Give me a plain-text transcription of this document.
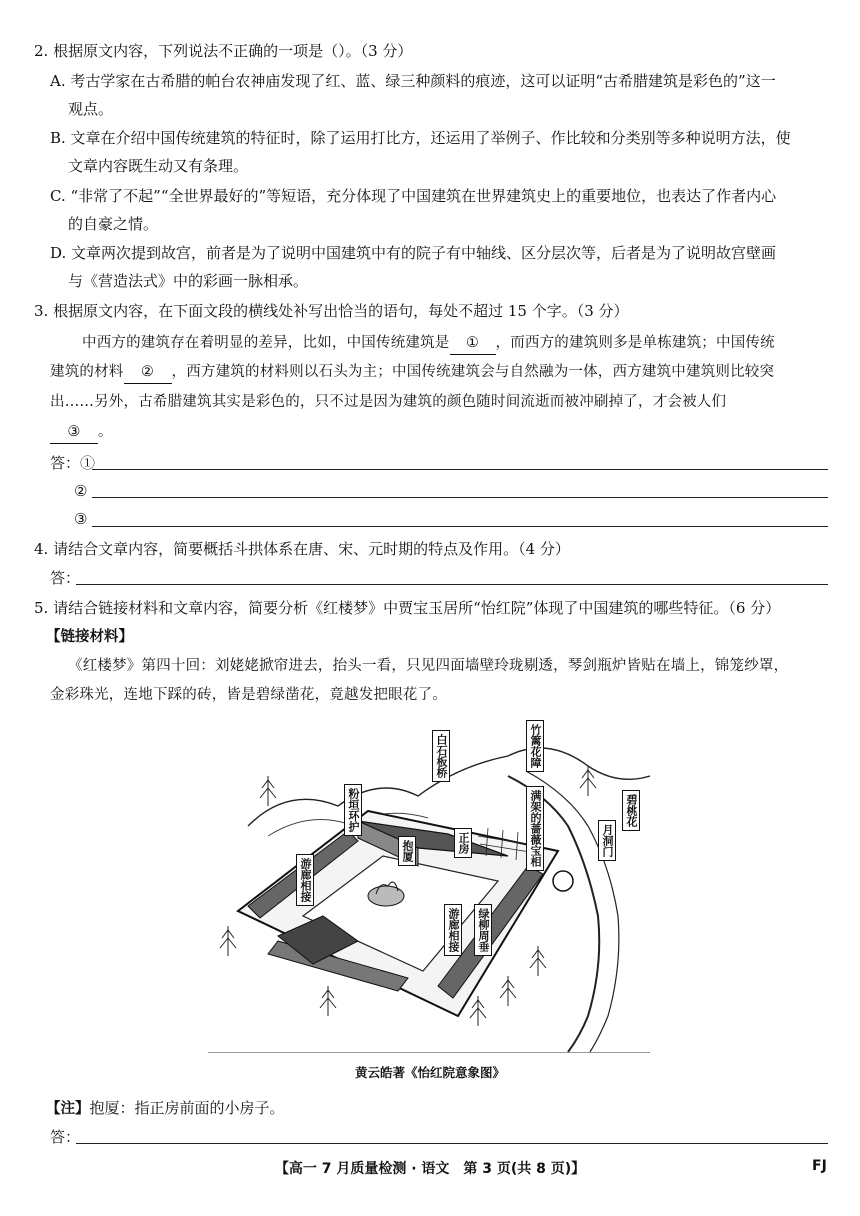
2. 根据原文内容，下列说法不正确的一项是（）。（3 分）
A. 考古学家在古希腊的帕台农神庙发现了红、蓝、绿三种颜料的痕迹，这可以证明“古希腊建筑是彩色的”这一
观点。
B. 文章在介绍中国传统建筑的特征时，除了运用打比方，还运用了举例子、作比较和分类别等多种说明方法，使
文章内容既生动又有条理。
C. “非常了不起”“全世界最好的”等短语，充分体现了中国建筑在世界建筑史上的重要地位，也表达了作者内心
的自豪之情。
D. 文章两次提到故宫，前者是为了说明中国建筑中有的院子有中轴线、区分层次等，后者是为了说明故宫壁画
与《营造法式》中的彩画一脉相承。
3. 根据原文内容，在下面文段的横线处补写出恰当的语句，每处不超过 15 个字。（3 分）
中西方的建筑存在着明显的差异，比如，中国传统建筑是 ① ，而西方的建筑则多是单栋建筑；中国传统
建筑的材料 ② ，西方建筑的材料则以石头为主；中国传统建筑会与自然融为一体，西方建筑中建筑则比较突
出……另外，古希腊建筑其实是彩色的，只不过是因为建筑的颜色随时间流逝而被冲刷掉了，才会被人们
③ 。
答：①
②
③
4. 请结合文章内容，简要概括斗拱体系在唐、宋、元时期的特点及作用。（4 分）
答：
5. 请结合链接材料和文章内容，简要分析《红楼梦》中贾宝玉居所“怡红院”体现了中国建筑的哪些特征。（6 分）
【链接材料】
《红楼梦》第四十回：刘姥姥掀帘进去，抬头一看，只见四面墙壁玲珑剔透，琴剑瓶炉皆贴在墙上，锦笼纱罩，
金彩珠光，连地下踩的砖，皆是碧绿凿花，竟越发把眼花了。
白石板桥	竹篱花障
碧桃花
粉垣环护	满架的蔷薇宝相	月洞门
正房
抱厦
游廊相接
游廊相接 绿柳周垂
黄云皓著《怡红院意象图》
【注】抱厦：指正房前面的小房子。
答：
【高一 7 月质量检测 · 语文　第 3 页(共 8 页)】	FJ
